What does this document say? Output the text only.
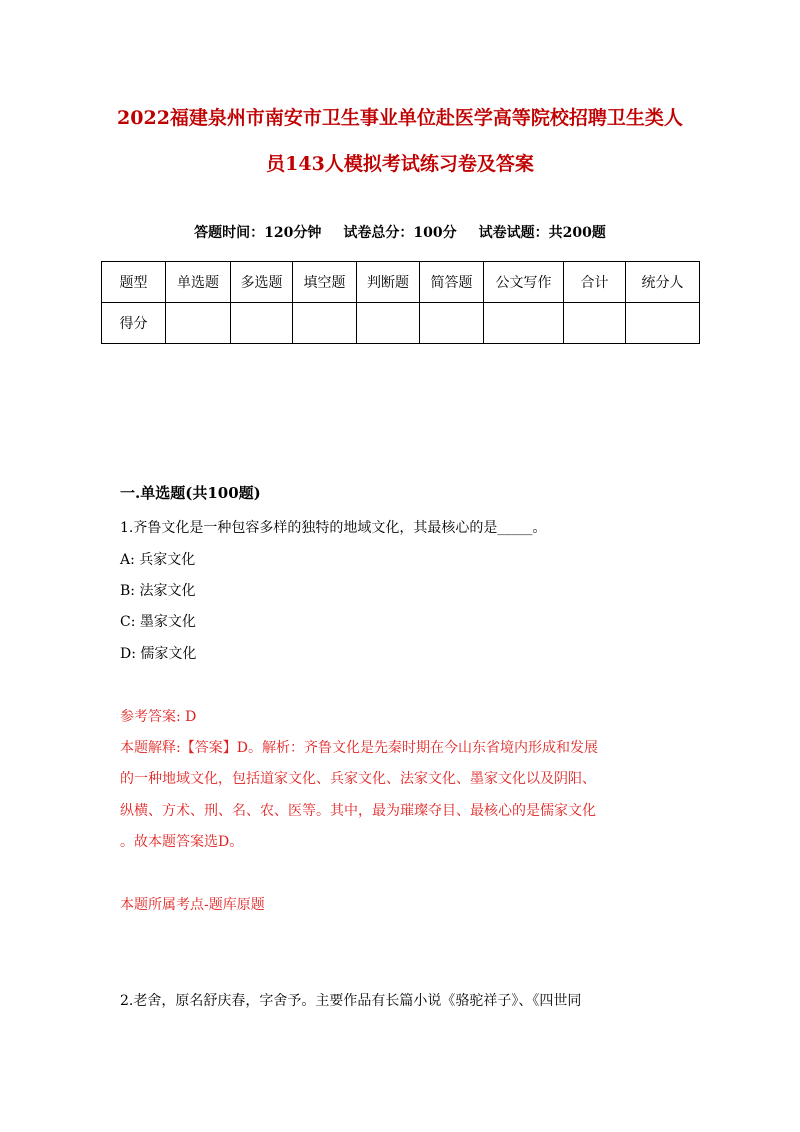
2022福建泉州市南安市卫生事业单位赴医学高等院校招聘卫生类人
员143人模拟考试练习卷及答案
答题时间：120分钟 试卷总分：100分 试卷试题：共200题
题型	单选题	多选题	填空题	判断题	简答题	公文写作	合计	统分人
得分								
一.单选题(共100题)
1.齐鲁文化是一种包容多样的独特的地域文化，其最核心的是_____。
A: 兵家文化
B: 法家文化
C: 墨家文化
D: 儒家文化
参考答案: D
本题解释:【答案】D。解析：齐鲁文化是先秦时期在今山东省境内形成和发展
的一种地域文化，包括道家文化、兵家文化、法家文化、墨家文化以及阴阳、
纵横、方术、刑、名、农、医等。其中，最为璀璨夺目、最核心的是儒家文化
。故本题答案选D。
本题所属考点-题库原题
2.老舍，原名舒庆春，字舍予。主要作品有长篇小说《骆驼祥子》、《四世同
